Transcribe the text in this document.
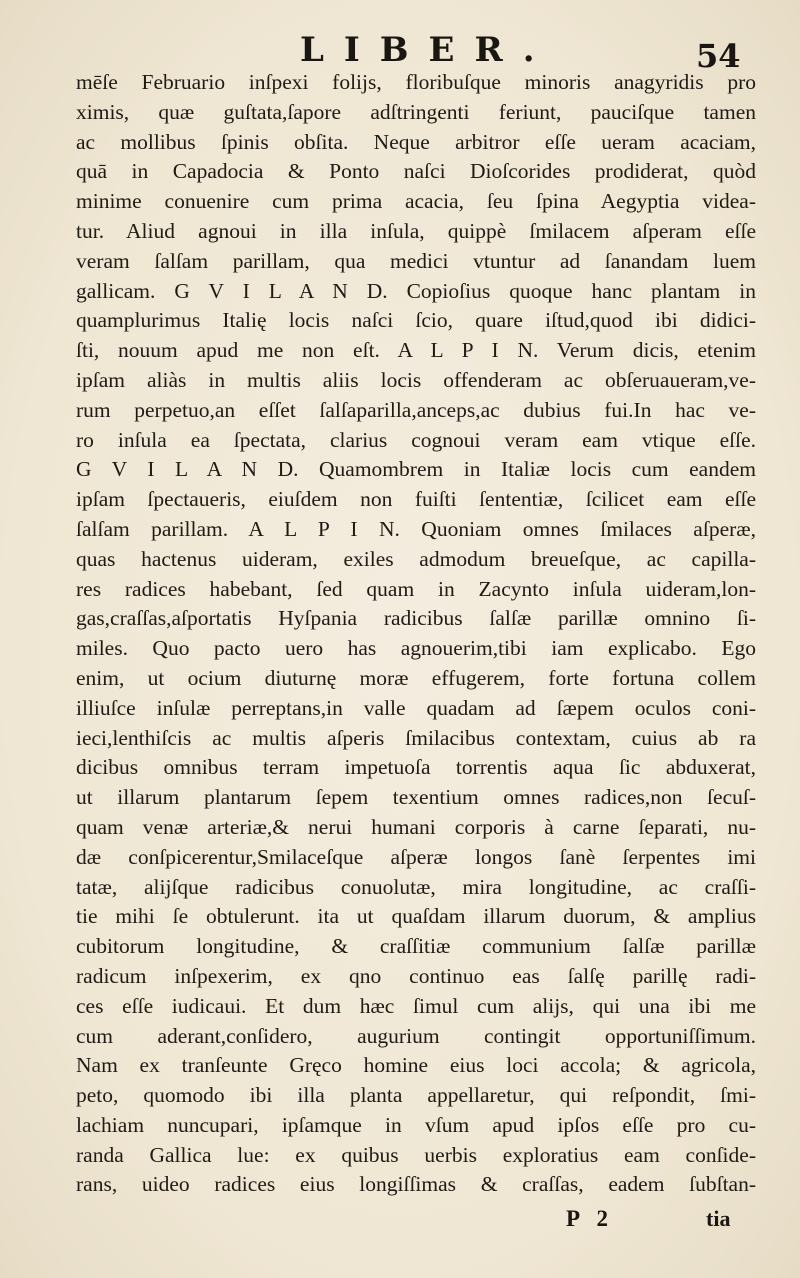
LIBER.	54
mēſe Februario inſpexi folijs, floribuſque minoris anagyridis pro
ximis, quæ guſtata,ſapore adſtringenti feriunt, pauciſque tamen
ac mollibus ſpinis obſita. Neque arbitror eſſe ueram acaciam,
quā in Capadocia & Ponto naſci Dioſcorides prodiderat, quòd
minime conuenire cum prima acacia, ſeu ſpina Aegyptia videa-
tur. Aliud agnoui in illa inſula, quippè ſmilacem aſperam eſſe
veram ſalſam parillam, qua medici vtuntur ad ſanandam luem
gallicam. G V I L A N D. Copioſius quoque hanc plantam in
quamplurimus Italię locis naſci ſcio, quare iſtud,quod ibi didici-
ſti, nouum apud me non eſt. A L P I N. Verum dicis, etenim
ipſam aliàs in multis aliis locis offenderam ac obſeruaueram,ve-
rum perpetuo,an eſſet ſalſaparilla,anceps,ac dubius fui.In hac ve-
ro inſula ea ſpectata, clarius cognoui veram eam vtique eſſe.
G V I L A N D. Quamombrem in Italiæ locis cum eandem
ipſam ſpectaueris, eiuſdem non fuiſti ſententiæ, ſcilicet eam eſſe
ſalſam parillam. A L P I N. Quoniam omnes ſmilaces aſperæ,
quas hactenus uideram, exiles admodum breueſque, ac capilla-
res radices habebant, ſed quam in Zacynto inſula uideram,lon-
gas,craſſas,aſportatis Hyſpania radicibus ſalſæ parillæ omnino ſi-
miles. Quo pacto uero has agnouerim,tibi iam explicabo. Ego
enim, ut ocium diuturnę moræ effugerem, forte fortuna collem
illiuſce inſulæ perreptans,in valle quadam ad ſæpem oculos coni-
ieci,lenthiſcis ac multis aſperis ſmilacibus contextam, cuius ab ra
dicibus omnibus terram impetuoſa torrentis aqua ſic abduxerat,
ut illarum plantarum ſepem texentium omnes radices,non ſecuſ-
quam venæ arteriæ,& nerui humani corporis à carne ſeparati, nu-
dæ conſpicerentur,Smilaceſque aſperæ longos ſanè ſerpentes imi
tatæ, alijſque radicibus conuolutæ, mira longitudine, ac craſſi-
tie mihi ſe obtulerunt. ita ut quaſdam illarum duorum, & amplius
cubitorum longitudine, & craſſitiæ communium ſalſæ parillæ
radicum inſpexerim, ex qno continuo eas ſalſę parillę radi-
ces eſſe iudicaui. Et dum hæc ſimul cum alijs, qui una ibi me
cum aderant,conſidero, augurium contingit opportuniſſimum.
Nam ex tranſeunte Gręco homine eius loci accola; & agricola,
peto, quomodo ibi illa planta appellaretur, qui reſpondit, ſmi-
lachiam nuncupari, ipſamque in vſum apud ipſos eſſe pro cu-
randa Gallica lue: ex quibus uerbis exploratius eam conſide-
rans, uideo radices eius longiſſimas & craſſas, eadem ſubſtan-
P 2	tia
